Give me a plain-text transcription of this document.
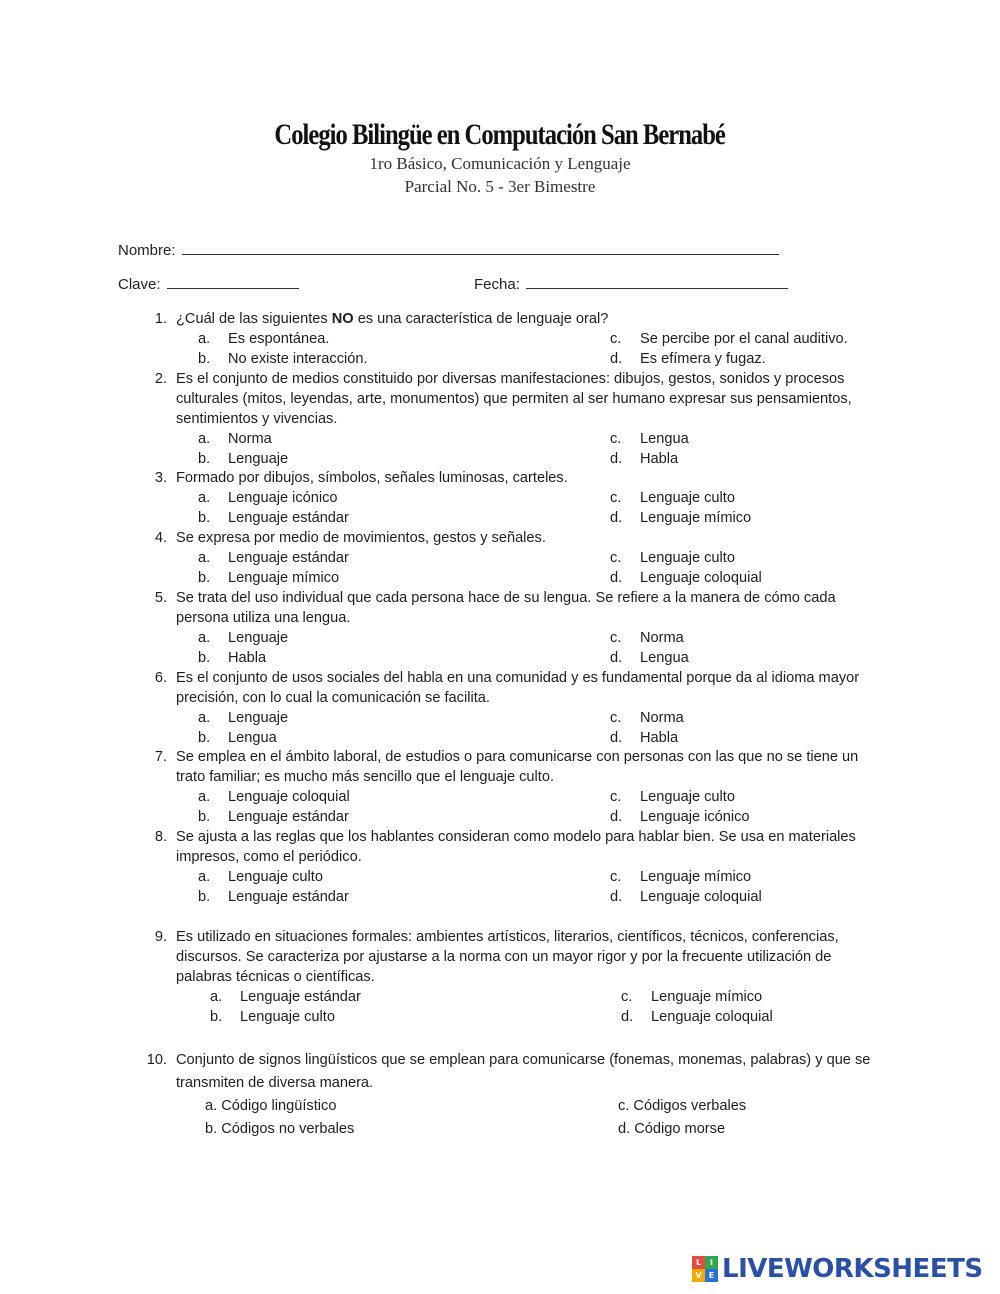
Colegio Bilingüe en Computación San Bernabé
1ro Básico, Comunicación y Lenguaje
Parcial No. 5 - 3er Bimestre
Nombre:
Clave:	Fecha:
1. ¿Cuál de las siguientes NO es una característica de lenguaje oral?
a. Es espontánea.	c. Se percibe por el canal auditivo.
b. No existe interacción.	d. Es efímera y fugaz.
2. Es el conjunto de medios constituido por diversas manifestaciones: dibujos, gestos, sonidos y procesos culturales (mitos, leyendas, arte, monumentos) que permiten al ser humano expresar sus pensamientos, sentimientos y vivencias.
a. Norma	c. Lengua
b. Lenguaje	d. Habla
3. Formado por dibujos, símbolos, señales luminosas, carteles.
a. Lenguaje icónico	c. Lenguaje culto
b. Lenguaje estándar	d. Lenguaje mímico
4. Se expresa por medio de movimientos, gestos y señales.
a. Lenguaje estándar	c. Lenguaje culto
b. Lenguaje mímico	d. Lenguaje coloquial
5. Se trata del uso individual que cada persona hace de su lengua. Se refiere a la manera de cómo cada persona utiliza una lengua.
a. Lenguaje	c. Norma
b. Habla	d. Lengua
6. Es el conjunto de usos sociales del habla en una comunidad y es fundamental porque da al idioma mayor precisión, con lo cual la comunicación se facilita.
a. Lenguaje	c. Norma
b. Lengua	d. Habla
7. Se emplea en el ámbito laboral, de estudios o para comunicarse con personas con las que no se tiene un trato familiar; es mucho más sencillo que el lenguaje culto.
a. Lenguaje coloquial	c. Lenguaje culto
b. Lenguaje estándar	d. Lenguaje icónico
8. Se ajusta a las reglas que los hablantes consideran como modelo para hablar bien. Se usa en materiales impresos, como el periódico.
a. Lenguaje culto	c. Lenguaje mímico
b. Lenguaje estándar	d. Lenguaje coloquial
9. Es utilizado en situaciones formales: ambientes artísticos, literarios, científicos, técnicos, conferencias, discursos. Se caracteriza por ajustarse a la norma con un mayor rigor y por la frecuente utilización de palabras técnicas o científicas.
a. Lenguaje estándar	c. Lenguaje mímico
b. Lenguaje culto	d. Lenguaje coloquial
10. Conjunto de signos lingüísticos que se emplean para comunicarse (fonemas, monemas, palabras) y que se transmiten de diversa manera.
a. Código lingüístico	c. Códigos verbales
b. Códigos no verbales	d. Código morse
L	I
V E LIVEWORKSHEETS
